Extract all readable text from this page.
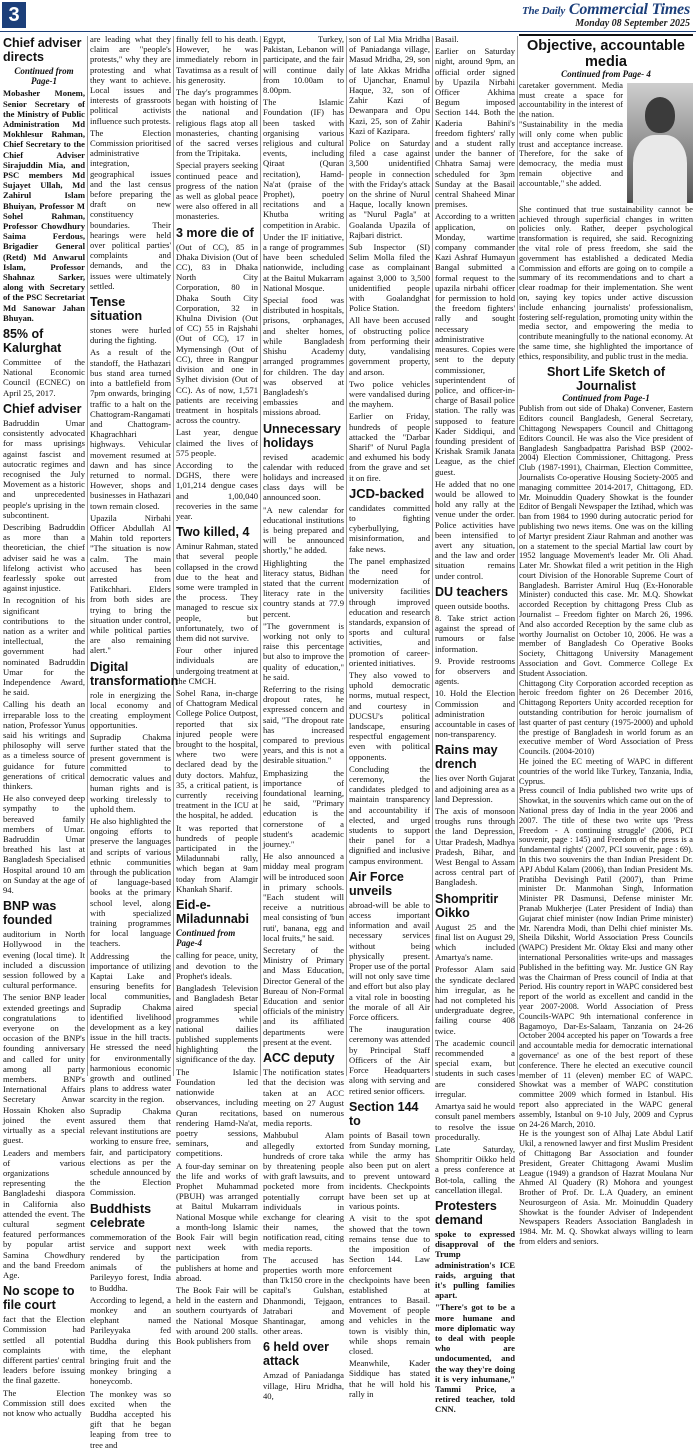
3	The Daily Commercial Times
Monday 08 September 2025
Chief adviser directs

Continued from Page-1

Mobasher Monem, Senior Secretary of the Ministry of Public Administration Md Mokhlesur Rahman, Chief Secretary to the Chief Adviser Sirajuddin Mia, and PSC members Md Sujayet Ullah, Md Zahirul Islam Bhuiyan, Professor M Sohel Rahman, Professor Chowdhury Saima Ferdous, Brigadier General (Retd) Md Anwarul Islam, Professor Shahnaz Sarker, along with Secretary of the PSC Secretariat Md Sanowar Jahan Bhuyan.

85% of Kalurghat

Committee of the National Economic Council (ECNEC) on April 25, 2017.

Chief adviser

Badruddin Umar consistently advocated for mass uprisings against fascist and autocratic regimes and recognised the July Movement as a historic and unprecedented people's uprising in the subcontinent.

Describing Badruddin as more than a theoretician, the chief adviser said he was a lifelong activist who fearlessly spoke out against injustice.

In recognition of his significant contributions to the nation as a writer and intellectual, the government had nominated Badruddin Umar for the Independence Award, he said.

Calling his death an irreparable loss to the nation, Professor Yunus said his writings and philosophy will serve as a timeless source of guidance for future generations of critical thinkers.

He also conveyed deep sympathy to the bereaved family members of Umar. Badruddin Umar breathed his last at Bangladesh Specialised Hospital around 10 am on Sunday at the age of 94.

BNP was founded

auditorium in North Hollywood in the evening (local time). It included a discussion session followed by a cultural performance.

The senior BNP leader extended greetings and congratulations to everyone on the occasion of the BNP's founding anniversary and called for unity among all party members. BNP's International Affairs Secretary Anwar Hossain Khoken also joined the event virtually as a special guest.

Leaders and members of various organizations representing the Bangladeshi diaspora in California also attended the event. The cultural segment featured performances by popular artist Samina Chowdhury and the band Freedom Age.

No scope to file court

fact that the Election Commission had settled all potential complaints with different parties' central leaders before issuing the final gazette.

The Election Commission still does not know who actually

are leading what they claim are "people's protests," why they are protesting and what they want to achieve. Local issues and interests of grassroots political activists influence such protests.

The Election Commission prioritised administrative integration, geographical issues and the last census before preparing the draft on new constituency boundaries. Their hearings were held over political parties' complaints and demands, and the issues were ultimately settled.

Tense situation

stones were hurled during the fighting.

As a result of the standoff, the Hathazari bus stand area turned into a battlefield from 7pm onwards, bringing traffic to a halt on the Chattogram-Rangamati and Chattogram-Khagrachhari highways. Vehicular movement resumed at dawn and has since returned to normal. However, shops and businesses in Hathazari town remain closed.

Upazila Nirbahi Officer Abdullah Al Mahin told reporters "The situation is now calm. The main accused has been arrested from Fatikchhari. Elders from both sides are trying to bring the situation under control, while political parties are also remaining alert."

Digital transformation

role in energizing the local economy and creating employment opportunities.

Supradip Chakma further stated that the present government is committed to democratic values and human rights and is working tirelessly to uphold them.

He also highlighted the ongoing efforts to preserve the languages and scripts of various ethnic communities through the publication of language-based books at the primary school level, along with specialized training programmes for local language teachers.

Addressing the importance of utilizing Kaptai Lake and ensuring benefits for local communities, Supradip Chakma identified livelihood development as a key issue in the hill tracts. He stressed the need for environmentally harmonious economic growth and outlined plans to address water scarcity in the region.

Supradip Chakma assured them that relevant institutions are working to ensure free, fair, and participatory elections as per the schedule announced by the Election Commission.

Buddhists celebrate

commemoration of the service and support rendered by the animals of the Parileyyo forest, India to Buddha.

According to legend, a monkey and an elephant named Parileyyaka fed Buddha during this time, the elephant bringing fruit and the monkey bringing a honeycomb.

The monkey was so excited when the Buddha accepted his gift that he began leaping from tree to tree and

finally fell to his death. However, he was immediately reborn in Tavatimsa as a result of his generosity.

The day's programmes began with hoisting of the national and religious flags atop all monasteries, chanting of the sacred verses from the Tripitaka.

Special prayers seeking continued peace and progress of the nation as well as global peace were also offered in all monasteries.

3 more die of

(Out of CC), 85 in Dhaka Division (Out of CC), 83 in Dhaka North City Corporation, 80 in Dhaka South City Corporation, 32 in Khulna Division (Out of CC) 55 in Rajshahi (Out of CC), 17 in Mymensingh (Out of CC), three in Rangpur division and one in Sylhet division (Out of CC). As of now, 1,571 patients are receiving treatment in hospitals across the country.

Last year, dengue claimed the lives of 575 people.

According to the DGHS, there were 1,01,214 dengue cases and 1,00,040 recoveries in the same year.

Two killed, 4

Aminur Rahman, stated that several people collapsed in the crowd due to the heat and some were trampled in the process. They managed to rescue six people, but unfortunately, two of them did not survive.

Four other injured individuals are undergoing treatment at the CMCH.

Sohel Rana, in-charge of Chattogram Medical College Police Outpost, reported that six injured people were brought to the hospital, where two were declared dead by the duty doctors. Mahfuz, 35, a critical patient, is currently receiving treatment in the ICU at the hospital, he added.

It was reported that hundreds of people participated in the Miladunnabi rally, which began at 9am today from Alamgir Khankah Sharif.

Eid-e-Miladunnabi

Continued from Page-4

calling for peace, unity, and devotion to the Prophet's ideals.

Bangladesh Television and Bangladesh Betar aired special programmes while national dailies published supplements highlighting the significance of the day.

The Islamic Foundation led nationwide observances, including Quran recitations, rendering Hamd-Na'at, poetry sessions, seminars, and competitions.

A four-day seminar on the life and works of Prophet Muhammad (PBUH) was arranged at Baitul Mukarram National Mosque while a month-long Islamic Book Fair will begin next week with participation from publishers at home and abroad.

The Book Fair will be held in the eastern and southern courtyards of the National Mosque with around 200 stalls. Book publishers from

Egypt, Turkey, Pakistan, Lebanon will participate, and the fair will continue daily from 10.00am to 8.00pm.

The Islamic Foundation (IF) has been tasked with organising various religious and cultural events, including Qiraat (Quran recitation), Hamd-Na'at (praise of the Prophet), poetry recitations and a Khutba writing competition in Arabic.

Under the IF initiative, a range of programmes have been scheduled nationwide, including at the Baitul Mukarram National Mosque.

Special food was distributed in hospitals, prisons, orphanages, and shelter homes, while Bangladesh Shishu Academy arranged programmes for children. The day was observed at Bangladesh's embassies and missions abroad.

Unnecessary holidays

revised academic calendar with reduced holidays and increased class days will be announced soon.

"A new calendar for educational institutions is being prepared and will be announced shortly," he added.

Highlighting the literacy status, Bidhan stated that the current literacy rate in the country stands at 77.9 percent.

"The government is working not only to raise this percentage but also to improve the quality of education," he said.

Referring to the rising dropout rates, he expressed concern and said, "The dropout rate has increased compared to previous years, and this is not a desirable situation."

Emphasizing the importance of foundational learning, he said, "Primary education is the cornerstone of a student's academic journey."

He also announced a midday meal program will be introduced soon in primary schools. "Each student will receive a nutritious meal consisting of 'bun ruti', banana, egg and local fruits," he said.

Secretary of the Ministry of Primary and Mass Education, Director General of the Bureau of Non-Formal Education and senior officials of the ministry and its affiliated departments were present at the event.

ACC deputy

The notification states that the decision was taken at an ACC meeting on 27 August based on numerous media reports.

Mahbubul Alam allegedly extorted hundreds of crore taka by threatening people with graft lawsuits, and pocketed more from potentially corrupt individuals in exchange for clearing their names, the notification read, citing media reports.

The accused has properties worth more than Tk150 crore in the capital's Gulshan, Dhanmondi, Tejgaon, Jatrabari and Shantinagar, among other areas.

6 held over attack

Amzad of Paniadanga village, Hiru Mridha, 40,

son of Lal Mia Mridha of Paniadanga village, Masud Mridha, 29, son of late Akkas Mridha of Ujanchar, Enamul Haque, 32, son of Zahir Kazi of Dewanpara and Opu Kazi, 25, son of Zahir Kazi of Kazipara.

Police on Saturday filed a case against 3,500 unidentified people in connection with the Friday's attack on the shrine of Nurul Haque, locally known as "Nurul Pagla" at Goalanda Upazila of Rajbari district.

Sub Inspector (SI) Selim Molla filed the case as complainant against 3,000 to 3,500 unidentified people with Goalandghat Police Station.

All have been accused of obstructing police from performing their duty, vandalising government property, and arson.

Two police vehicles were vandalised during the mayhem.

Earlier on Friday, hundreds of people attacked the "Darbar Sharif" of Nurul Pagla and exhumed his body from the grave and set it on fire.

JCD-backed

candidates committed to fighting cyberbullying, misinformation, and fake news.

The panel emphasized the need for modernization of university facilities through improved education and research standards, expansion of sports and cultural activities, and promotion of career-oriented initiatives.

They also vowed to uphold democratic norms, mutual respect, and courtesy in DUCSU's political landscape, ensuring respectful engagement even with political opponents.

Concluding the ceremony, the candidates pledged to maintain transparency and accountability if elected, and urged students to support their panel for a dignified and inclusive campus environment.

Air Force unveils

abroad-will be able to access important information and avail necessary services without being physically present. Proper use of the portal will not only save time and effort but also play a vital role in boosting the morale of all Air Force officers.

The inauguration ceremony was attended by Principal Staff Officers of the Air Force Headquarters along with serving and retired senior officers.

Section 144 to

points of Basail town from Sunday morning, while the army has also been put on alert to prevent untoward incidents. Checkpoints have been set up at various points.

A visit to the spot showed that the town remains tense due to the imposition of Section 144. Law enforcement checkpoints have been established at entrances to Basail. Movement of people and vehicles in the town is visibly thin, while shops remain closed.

Meanwhile, Kader Siddique has stated that he will hold his rally in

Basail.

Earlier on Saturday night, around 9pm, an official order signed by Upazila Nirbahi Officer Akhima Begum imposed Section 144. Both the Kaderia Bahini's freedom fighters' rally and a student rally under the banner of Chhatra Samaj were scheduled for 3pm Sunday at the Basail central Shaheed Minar premises.

According to a written application, on Monday, wartime company commander Kazi Ashraf Humayun Bangal submitted a formal request to the upazila nirbahi officer for permission to hold the freedom fighters' rally and sought necessary administrative measures. Copies were sent to the deputy commissioner, superintendent of police, and officer-in-charge of Basail police station. The rally was supposed to feature Kader Siddiqui, and founding president of Krishak Sramik Janata League, as the chief guest.

He added that no one would be allowed to hold any rally at the venue under the order. Police activities have been intensified to avert any situation, and the law and order situation remains under control.

DU teachers

queen outside booths.

8. Take strict action against the spread of rumours or false information.

9. Provide restrooms for observers and agents.

10. Hold the Election Commission and administration accountable in cases of non-transparency.

Rains may drench

lies over North Gujarat and adjoining area as a land Depression.

The axis of monsoon troughs runs through the land Depression, Uttar Pradesh, Madhya Pradesh, Bihar, and West Bengal to Assam across central part of Bangladesh.

Shompritir Oikko

August 25 and the final list on August 29, which included Amartya's name.

Professor Alam said the syndicate declared him irregular, as he had not completed his undergraduate degree, failing course 408 twice.

The academic council recommended a special exam, but students in such cases are considered irregular.

Amartya said he would consult panel members to resolve the issue procedurally.

Late Saturday, Shompritir Oikko held a press conference at Bot-tola, calling the cancellation illegal.

Protesters demand

spoke to expressed disapproval of the Trump administration's ICE raids, arguing that it's pulling families apart.

"There's got to be a more humane and more diplomatic way to deal with people who are undocumented, and the way they're doing it is very inhumane," Tammi Price, a retired teacher, told CNN.

Objective, accountable media

Continued from Page- 4

caretaker government. Media must create a space for accountability in the interest of the nation.

"Sustainability in the media will only come when public trust and acceptance increase. Therefore, for the sake of democracy, the media must remain objective and accountable," she added.

She continued that true sustainability cannot be achieved through superficial changes in written policies only. Rather, deeper psychological transformation is required, she said. Recognizing the vital role of press freedom, she said the government has established a dedicated Media Commission and efforts are going on to compile a summary of its recommendations and to chart a clear roadmap for their implementation. She went on, saying key topics under active discussion include enhancing journalists' professionalism, fostering self-regulation, promoting unity within the media sector, and empowering the media to contribute meaningfully to the national economy. At the same time, she highlighted the importance of ethics, responsibility, and public trust in the media.

Short Life Sketch of Journalist

Continued from Page-1

Publish from out side of Dhaka) Convener, Eastern Editors council Bangladesh, General Secretary, Chittagong Newspapers Council and Chittagong Editors Council. He was also the Vice president of Bangladesh Sangbadpattra Parishad BSP (2002-2004) Election Commissioner, Chittagong. Press Club (1987-1991), Chairman, Election Committee, Journalists Co-operative Housing Society-2005 and managing committee 2014-2017, Chittagong, ED. Mr. Moinuddin Quadery Showkat is the founder Editor of Bengali Newspaper the Iztihad, which was ban from 1984 to 1990 during autocratic period for publishing two news items. One was on the killing of Martyr president Ziaur Rahman and another was on a statement to the special Martial law court by 1952 language Movement's leader Mr. Oli Ahad. Later Mr. Showkat filed a writ petition in the High court Division of the Honorable Supreme Court of Bangladesh. Barrister Amirul Huq (Ex-Honorable Minister) conducted this case. Mr. M.Q. Showkat accorded Reception by chittagong Press Club as Journalist – Freedom fighter on March 26, 1996. And also accorded Reception by the same club as worthy Journalist on October 10, 2006. He was a member of Bangladesh Co Operative Books Society, Chittagong University Management Association and Govt. Commerce College Ex Student Association.

Chittagong City Corporation accorded reception as heroic freedom fighter on 26 December 2016, Chittagong Reporters Unity accorded reception for outstanding contribution for heroic journalism of last quarter of past century (1975-2000) and uphold the prestige of Bangladesh in world forum as an executive member of Word Association of Press Councils. (2004-2010)

He joined the EC meeting of WAPC in different countries of the world like Turkey, Tanzania, India, Cyprus.

Press council of India published two write ups of Showkat, in the souvenirs which came out on the of National press day of India in the year 2006 and 2007. The title of these two write ups 'Press Freedom - A continuing struggle' (2006, PCI souvenir, page : 145) and Freedom of the press is a fundamental rights' (2007, PCI souvenir, page : 69). In this two souvenirs the than Indian President Dr. APJ Abdul Kalam (2006), than Indian President Ms. Pratibha Devisingh Patil (2007), than Prime minister Dr. Manmohan Singh, Information Minister PR Dasmunsi, Defense minister Mr. Pranab Mukherjee (Later President of India) than Gujarat chief minister (now Indian Prime minister) Mr. Narendra Modi, than Delhi chief minister Ms. Sheila Dikshit, World Association Press Councils (WAPC) President Mr. Oktay Eksi and many other international Personalities write-ups and massages Published in the befitting way. Mr. Justice GN Ray was the Chairman of Press council of India at that Period. His country report in WAPC considered best report of the world as excellent and candid in the year 2007-2008. World Association of Press Councils-WAPC 9th international conference in Bagamoyo, Dar-Es-Salaam, Tanzania on 24-26 October 2004 accepted his paper on 'Towards a free and accountable media for democratic international governance' as one of the best report of these conference. There he elected an executive council member of 11 (eleven) member EC of WAPC. Showkat was a member of WAPC constitution committee 2009 which formed in Istanbul. His report also appreciated in the WAPC general assembly, Istanbul on 9-10 July, 2009 and Cyprus on 24-26 March, 2010.

He is the youngest son of Alhaj Late Abdul Latif Ukil, a renowned lawyer and first Muslim President of Chittagong Bar Association and founder President, Greater Chittagong Awami Muslim League (1949) a grandson of Hazrat Moulana Nur Ahmed Al Quadery (R) Mohora and youngest Brother of Prof. Dr. L.A Quadery, an eminent Neurosurgeon of Asia. Mr. Moinuddin Quadery Showkat is the founder Adviser of Independent Newspapers Readers Association Bangladesh in 1984. Mr. M. Q. Showkat always willing to learn from elders and seniors.
